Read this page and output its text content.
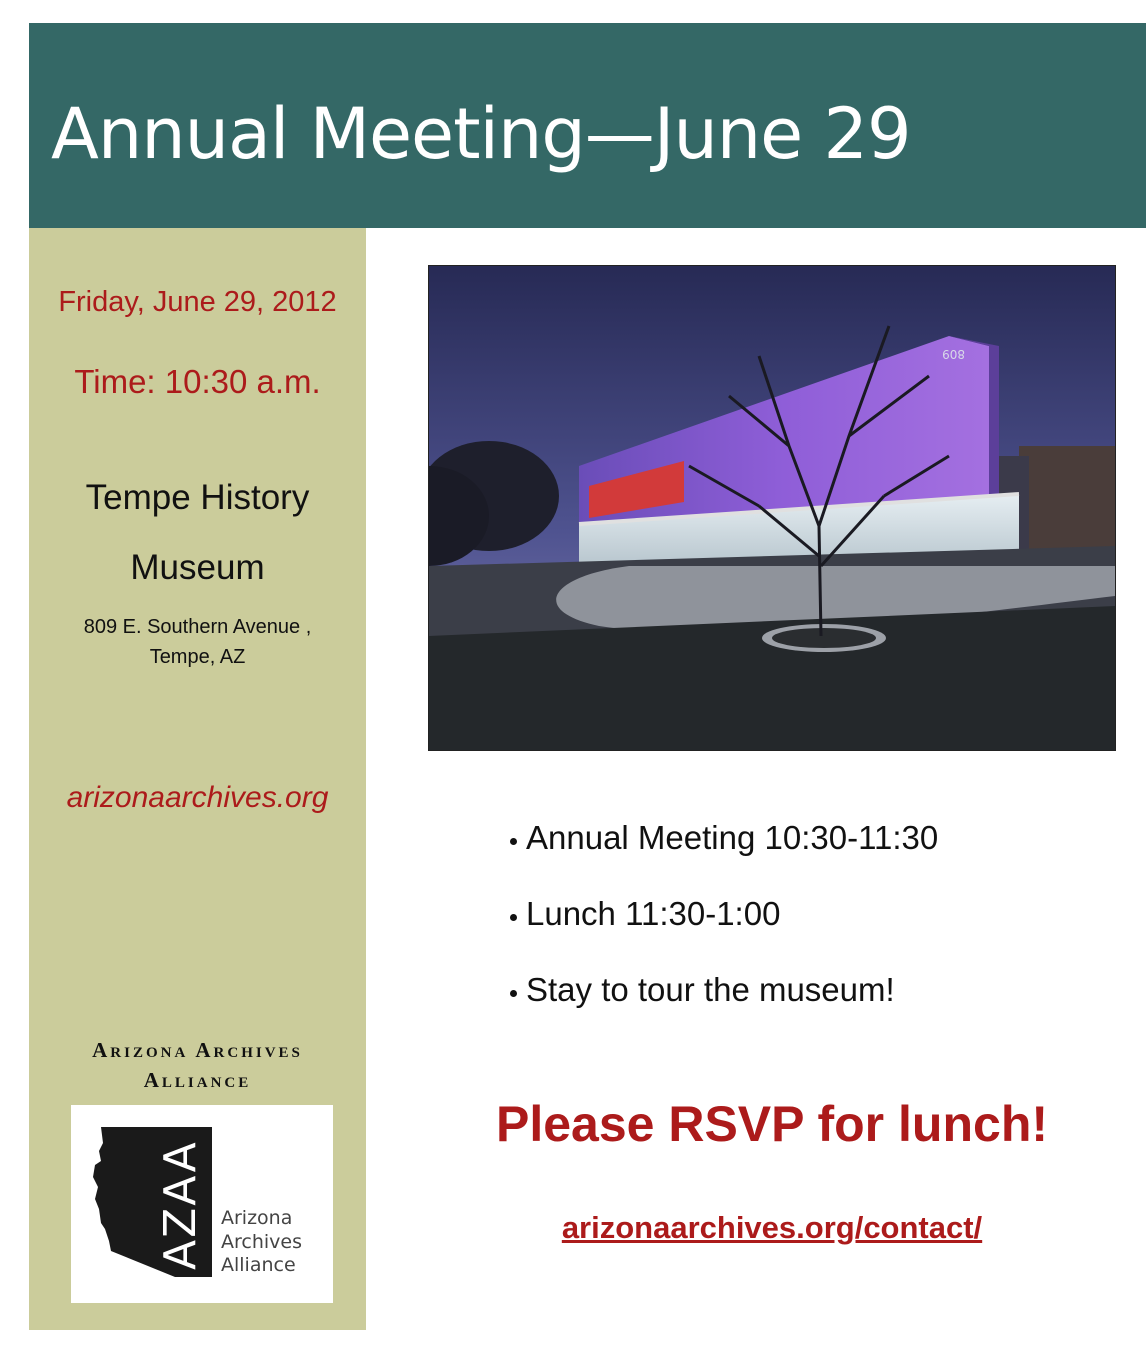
Annual Meeting—June 29
Friday, June 29, 2012
Time: 10:30 a.m.
Tempe History
Museum
809 E. Southern Avenue ,
Tempe, AZ
arizonaarchives.org
Arizona Archives
Alliance
AZAA Arizona
Archives
Alliance
809
Annual Meeting 10:30-11:30
Lunch 11:30-1:00
Stay to tour the museum!
Please RSVP for lunch!
arizonaarchives.org/contact/
